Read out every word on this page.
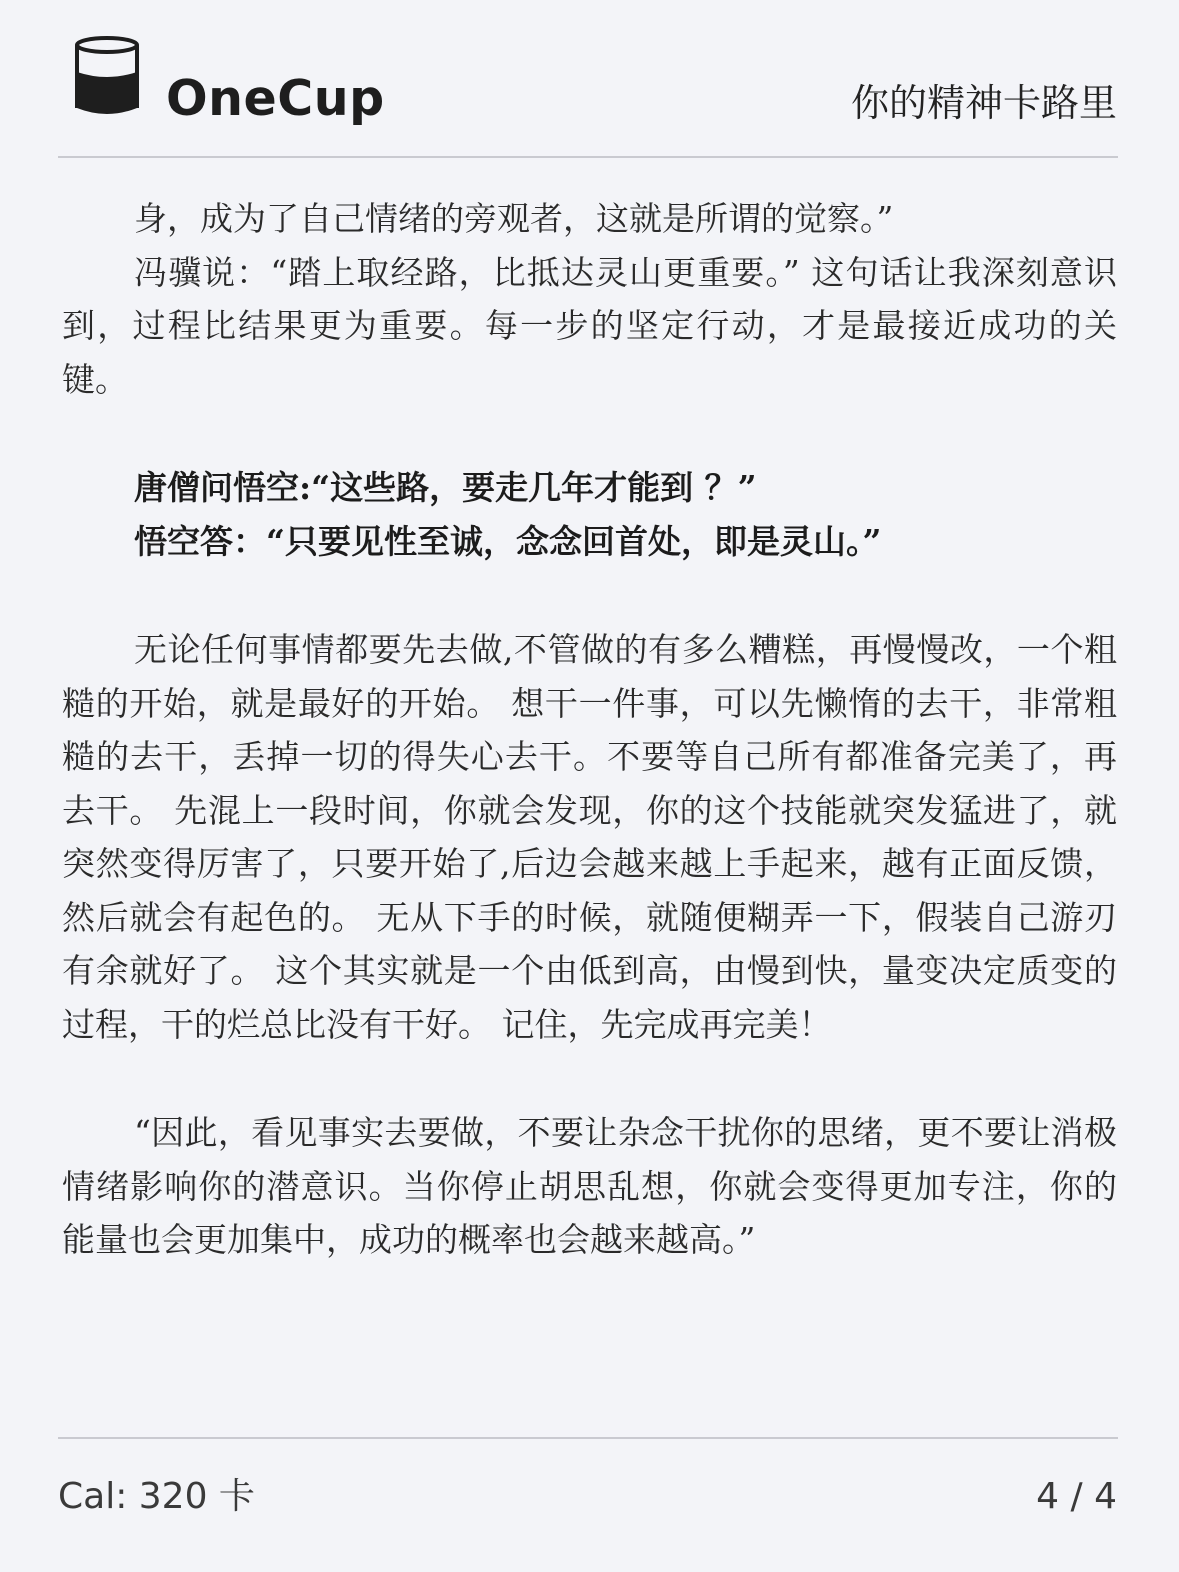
OneCup	你的精神卡路里

身，成为了自己情绪的旁观者，这就是所谓的觉察。”

冯骥说：“踏上取经路，比抵达灵山更重要。” 这句话让我深刻意识到，过程比结果更为重要。每一步的坚定行动，才是最接近成功的关键。

唐僧问悟空:“这些路，要走几年才能到 ？”

悟空答：“只要见性至诚，念念回首处，即是灵山。”

无论任何事情都要先去做,不管做的有多么糟糕，再慢慢改，一个粗糙的开始，就是最好的开始。 想干一件事，可以先懒惰的去干，非常粗糙的去干，丢掉一切的得失心去干。不要等自己所有都准备完美了，再去干。 先混上一段时间，你就会发现，你的这个技能就突发猛进了，就突然变得厉害了，只要开始了,后边会越来越上手起来，越有正面反馈，然后就会有起色的。 无从下手的时候，就随便糊弄一下，假装自己游刃有余就好了。 这个其实就是一个由低到高，由慢到快，量变决定质变的过程，干的烂总比没有干好。 记住，先完成再完美！

“因此，看见事实去要做，不要让杂念干扰你的思绪，更不要让消极情绪影响你的潜意识。当你停止胡思乱想，你就会变得更加专注，你的能量也会更加集中，成功的概率也会越来越高。”

Cal: 320 卡	4 / 4
